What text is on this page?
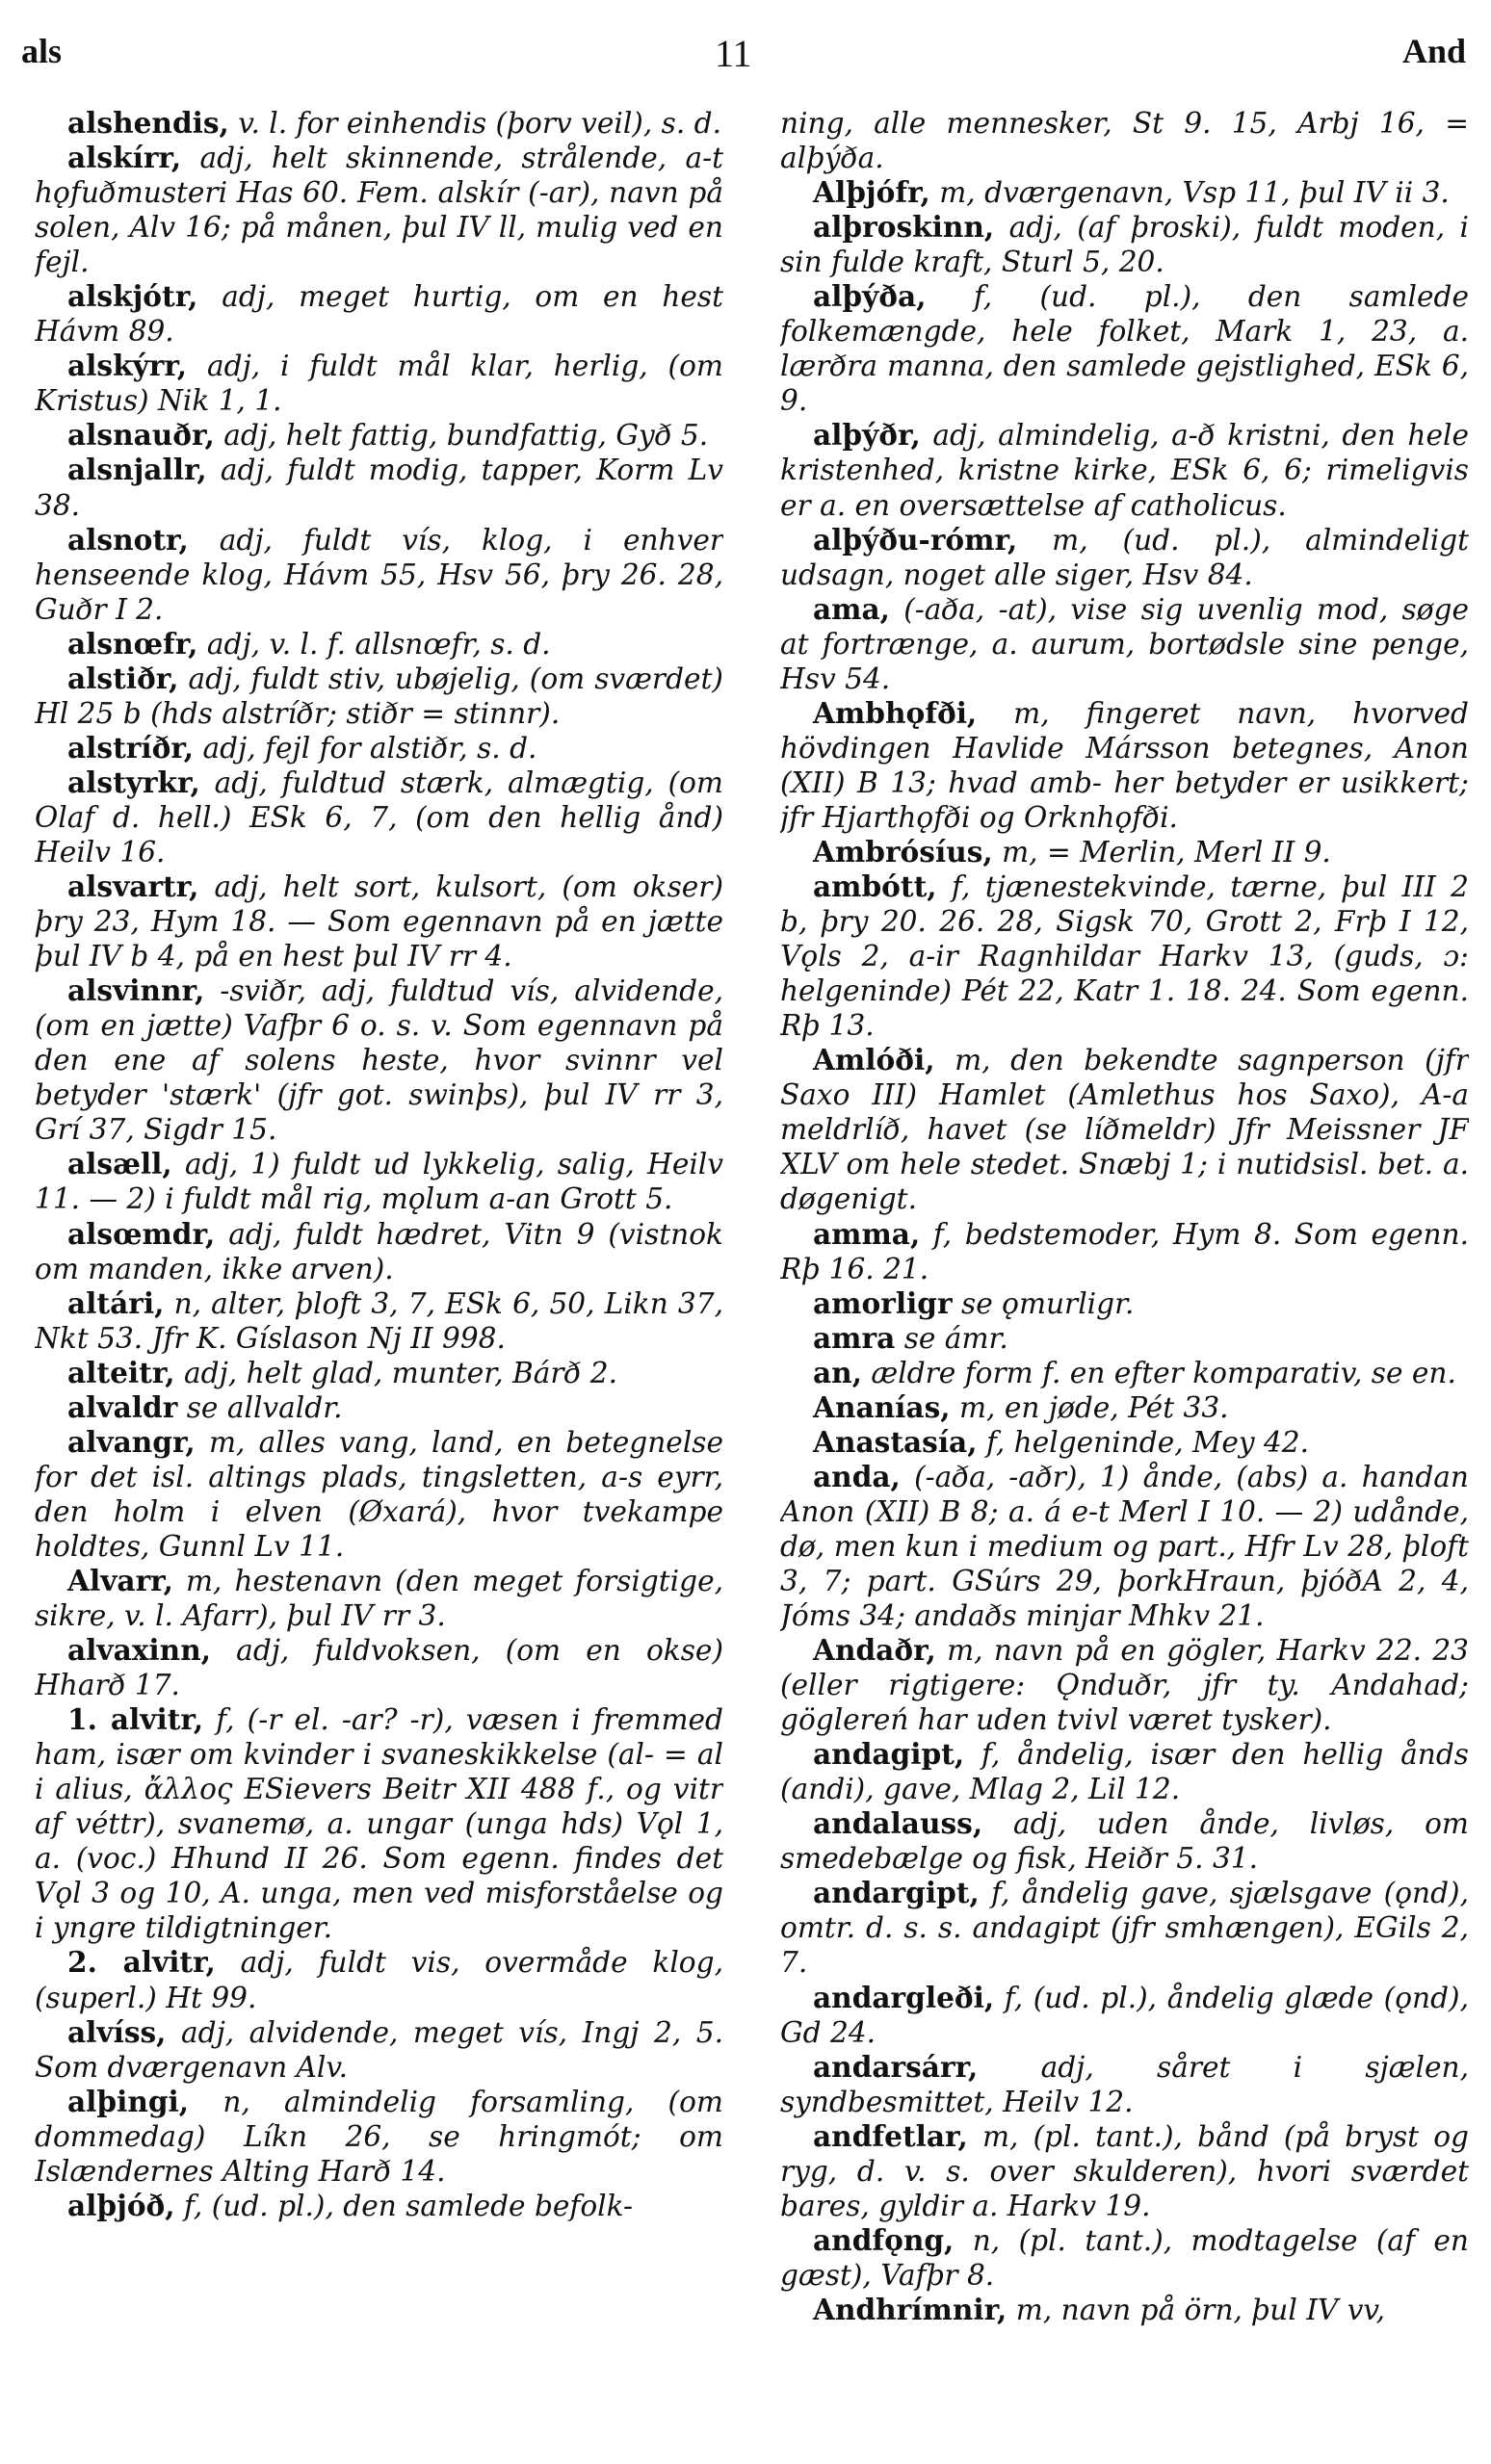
als	11	And

alshendis, v. l. for einhendis (þorv veil), s. d.

alskírr, adj, helt skinnende, strålende, a-t hǫfuðmusteri Has 60. Fem. alskír (-ar), navn på solen, Alv 16; på månen, þul IV ll, mulig ved en fejl.

alskjótr, adj, meget hurtig, om en hest Hávm 89.

alskýrr, adj, i fuldt mål klar, herlig, (om Kristus) Nik 1, 1.

alsnauðr, adj, helt fattig, bundfattig, Gyð 5.

alsnjallr, adj, fuldt modig, tapper, Korm Lv 38.

alsnotr, adj, fuldt vís, klog, i enhver henseende klog, Hávm 55, Hsv 56, þry 26. 28, Guðr I 2.

alsnœfr, adj, v. l. f. allsnœfr, s. d.

alstiðr, adj, fuldt stiv, ubøjelig, (om sværdet) Hl 25 b (hds alstríðr; stiðr = stinnr).

alstríðr, adj, fejl for alstiðr, s. d.

alstyrkr, adj, fuldtud stærk, almægtig, (om Olaf d. hell.) ESk 6, 7, (om den hellig ånd) Heilv 16.

alsvartr, adj, helt sort, kulsort, (om okser) þry 23, Hym 18. — Som egennavn på en jætte þul IV b 4, på en hest þul IV rr 4.

alsvinnr, -sviðr, adj, fuldtud vís, alvidende, (om en jætte) Vafþr 6 o. s. v. Som egennavn på den ene af solens heste, hvor svinnr vel betyder 'stærk' (jfr got. swinþs), þul IV rr 3, Grí 37, Sigdr 15.

alsæll, adj, 1) fuldt ud lykkelig, salig, Heilv 11. — 2) i fuldt mål rig, mǫlum a-an Grott 5.

alsœmdr, adj, fuldt hædret, Vitn 9 (vistnok om manden, ikke arven).

altári, n, alter, þloft 3, 7, ESk 6, 50, Likn 37, Nkt 53. Jfr K. Gíslason Nj II 998.

alteitr, adj, helt glad, munter, Bárð 2.

alvaldr se allvaldr.

alvangr, m, alles vang, land, en betegnelse for det isl. altings plads, tingsletten, a-s eyrr, den holm i elven (Øxará), hvor tvekampe holdtes, Gunnl Lv 11.

Alvarr, m, hestenavn (den meget forsigtige, sikre, v. l. Afarr), þul IV rr 3.

alvaxinn, adj, fuldvoksen, (om en okse) Hharð 17.

1. alvitr, f, (-r el. -ar? -r), væsen i fremmed ham, især om kvinder i svaneskikkelse (al- = al i alius, ἄλλος ESievers Beitr XII 488 f., og vitr af véttr), svanemø, a. ungar (unga hds) Vǫl 1, a. (voc.) Hhund II 26. Som egenn. findes det Vǫl 3 og 10, A. unga, men ved misforståelse og i yngre tildigtninger.

2. alvitr, adj, fuldt vis, overmåde klog, (superl.) Ht 99.

alvíss, adj, alvidende, meget vís, Ingj 2, 5. Som dværgenavn Alv.

alþingi, n, almindelig forsamling, (om dommedag) Líkn 26, se hringmót; om Islændernes Alting Harð 14.

alþjóð, f, (ud. pl.), den samlede befolk-

ning, alle mennesker, St 9. 15, Arbj 16, = alþýða.

Alþjófr, m, dværgenavn, Vsp 11, þul IV ii 3.

alþroskinn, adj, (af þroski), fuldt moden, i sin fulde kraft, Sturl 5, 20.

alþýða, f, (ud. pl.), den samlede folkemængde, hele folket, Mark 1, 23, a. lærðra manna, den samlede gejstlighed, ESk 6, 9.

alþýðr, adj, almindelig, a-ð kristni, den hele kristenhed, kristne kirke, ESk 6, 6; rimeligvis er a. en oversættelse af catholicus.

alþýðu-rómr, m, (ud. pl.), almindeligt udsagn, noget alle siger, Hsv 84.

ama, (-aða, -at), vise sig uvenlig mod, søge at fortrænge, a. aurum, bortødsle sine penge, Hsv 54.

Ambhǫfði, m, fingeret navn, hvorved hövdingen Havlide Mársson betegnes, Anon (XII) B 13; hvad amb- her betyder er usikkert; jfr Hjarthǫfði og Orknhǫfði.

Ambrósíus, m, = Merlin, Merl II 9.

ambótt, f, tjænestekvinde, tærne, þul III 2 b, þry 20. 26. 28, Sigsk 70, Grott 2, Frþ I 12, Vǫls 2, a-ir Ragnhildar Harkv 13, (guds, ɔ: helgeninde) Pét 22, Katr 1. 18. 24. Som egenn. Rþ 13.

Amlóði, m, den bekendte sagnperson (jfr Saxo III) Hamlet (Amlethus hos Saxo), A-a meldrlíð, havet (se líðmeldr) Jfr Meissner JF XLV om hele stedet. Snæbj 1; i nutidsisl. bet. a. døgenigt.

amma, f, bedstemoder, Hym 8. Som egenn. Rþ 16. 21.

amorligr se ǫmurligr.

amra se ámr.

an, ældre form f. en efter komparativ, se en.

Ananías, m, en jøde, Pét 33.

Anastasía, f, helgeninde, Mey 42.

anda, (-aða, -aðr), 1) ånde, (abs) a. handan Anon (XII) B 8; a. á e-t Merl I 10. — 2) udånde, dø, men kun i medium og part., Hfr Lv 28, þloft 3, 7; part. GSúrs 29, þorkHraun, þjóðA 2, 4, Jóms 34; andaðs minjar Mhkv 21.

Andaðr, m, navn på en gögler, Harkv 22. 23 (eller rigtigere: Ǫnduðr, jfr ty. Andahad; göglereń har uden tvivl været tysker).

andagipt, f, åndelig, især den hellig ånds (andi), gave, Mlag 2, Lil 12.

andalauss, adj, uden ånde, livløs, om smedebælge og fisk, Heiðr 5. 31.

andargipt, f, åndelig gave, sjælsgave (ǫnd), omtr. d. s. s. andagipt (jfr smhængen), EGils 2, 7.

andargleði, f, (ud. pl.), åndelig glæde (ǫnd), Gd 24.

andarsárr, adj, såret i sjælen, syndbesmittet, Heilv 12.

andfetlar, m, (pl. tant.), bånd (på bryst og ryg, d. v. s. over skulderen), hvori sværdet bares, gyldir a. Harkv 19.

andfǫng, n, (pl. tant.), modtagelse (af en gæst), Vafþr 8.

Andhrímnir, m, navn på örn, þul IV vv,
